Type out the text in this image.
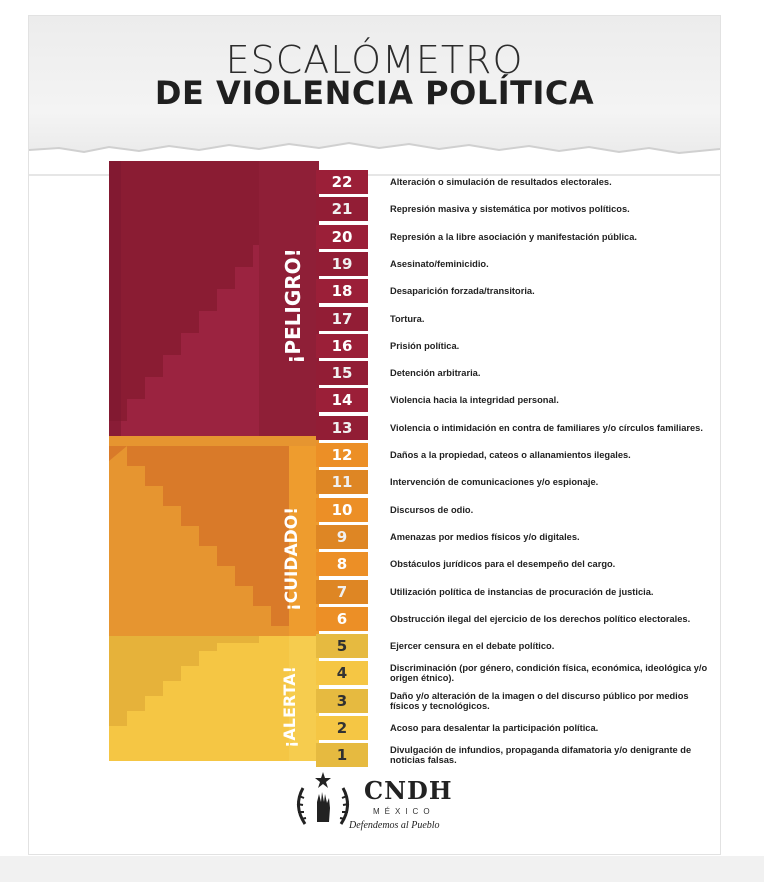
ESCALÓMETRO
DE VIOLENCIA POLÍTICA
¡PELIGRO!
¡CUIDADO!
¡ALERTA!
22	Alteración o simulación de resultados electorales.
21	Represión masiva y sistemática por motivos políticos.
20	Represión a la libre asociación y manifestación pública.
19	Asesinato/feminicidio.
18	Desaparición forzada/transitoria.
17	Tortura.
16	Prisión política.
15	Detención arbitraria.
14	Violencia hacia la integridad personal.
13	Violencia o intimidación en contra de familiares y/o círculos familiares.
12	Daños a la propiedad, cateos o allanamientos ilegales.
11	Intervención de comunicaciones y/o espionaje.
10	Discursos de odio.
9	Amenazas por medios físicos y/o digitales.
8	Obstáculos jurídicos para el desempeño del cargo.
7	Utilización política de instancias de procuración de justicia.
6	Obstrucción ilegal del ejercicio de los derechos político electorales.
5	Ejercer censura en el debate político.
4	Discriminación (por género, condición física, económica, ideológica y/o origen étnico).
3	Daño y/o alteración de la imagen o del discurso público por medios físicos y tecnológicos.
2	Acoso para desalentar la participación política.
1	Divulgación de infundios, propaganda difamatoria y/o denigrante de noticias falsas.
CNDH
MÉXICO
Defendemos al Pueblo
